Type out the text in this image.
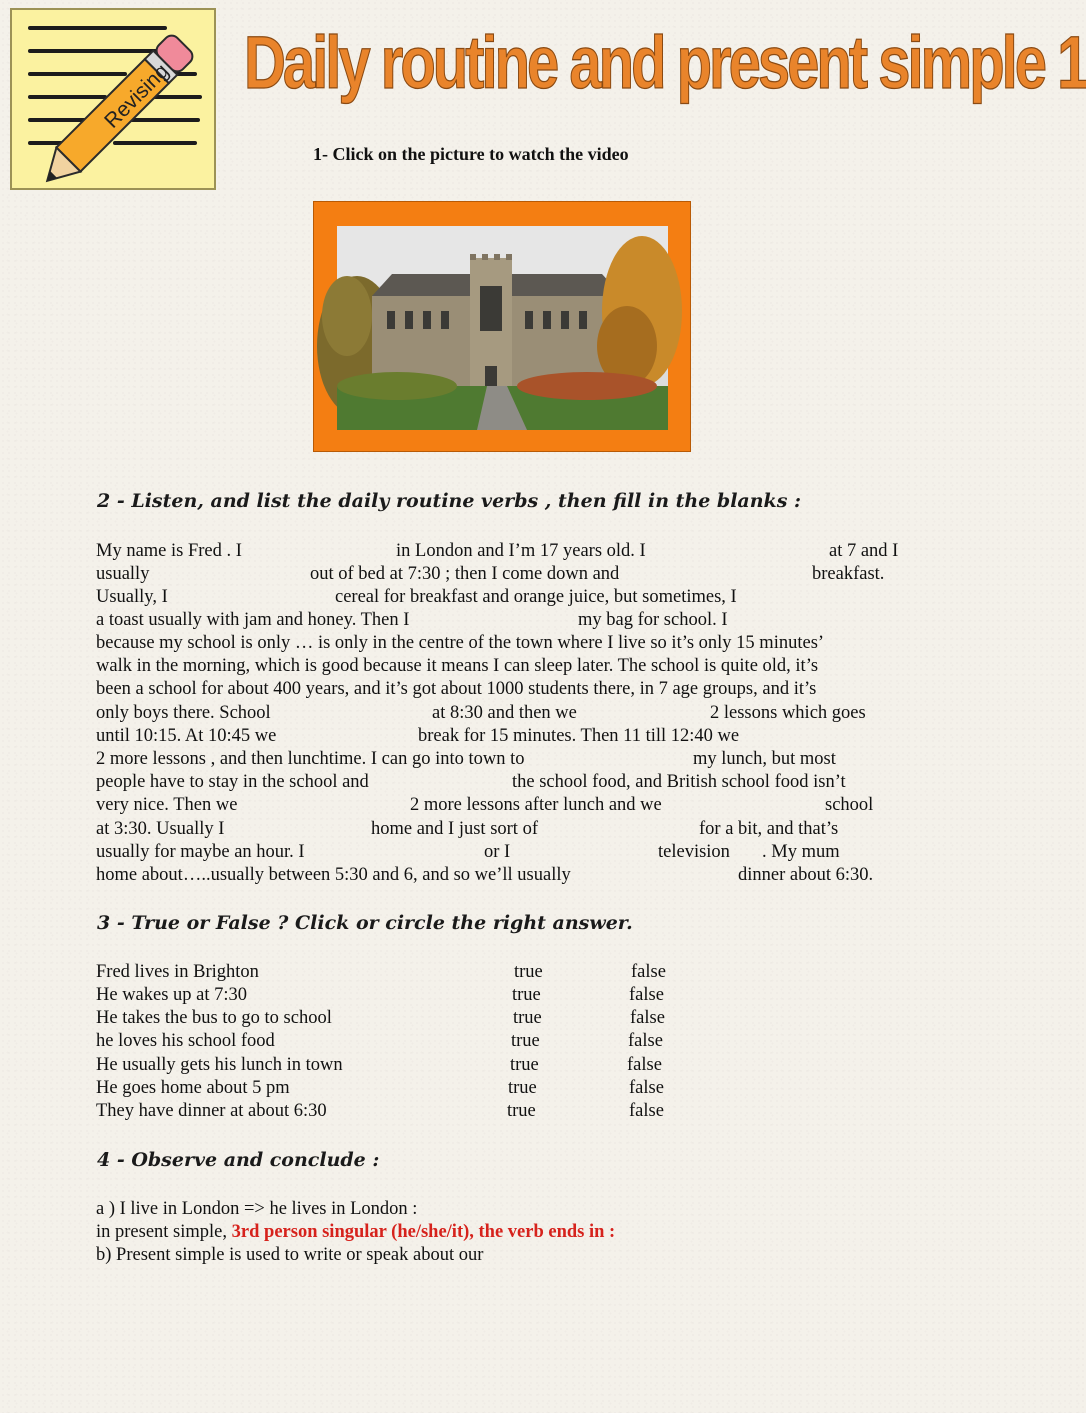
Revising Daily routine and present simple 1
1- Click on the picture to watch the video
2 - Listen, and list the daily routine verbs , then fill in the blanks :
My name is Fred . I	in London and I’m 17 years old. I	at 7 and I
usually	out of bed at 7:30 ; then I come down and	breakfast.
Usually, I	cereal for breakfast and orange juice, but sometimes, I
a toast usually with jam and honey. Then I	my bag for school. I
because my school is only … is only in the centre of the town where I live so it’s only 15 minutes’
walk in the morning, which is good because it means I can sleep later. The school is quite old, it’s
been a school for about 400 years, and it’s got about 1000 students there, in 7 age groups, and it’s
only boys there. School	at 8:30 and then we	2 lessons which goes
until 10:15. At 10:45 we	break for 15 minutes. Then 11 till 12:40 we
2 more lessons , and then lunchtime. I can go into town to	my lunch, but most
people have to stay in the school and	the school food, and British school food isn’t
very nice. Then we	2 more lessons after lunch and we	school
at 3:30. Usually I	home and I just sort of	for a bit, and that’s
usually for maybe an hour. I	or I	television . My mum
home about…..usually between 5:30 and 6, and so we’ll usually	dinner about 6:30.
3 - True or False ? Click or circle the right answer.
Fred lives in Brighton	true	false
He wakes up at 7:30	true	false
He takes the bus to go to school	true	false
he loves his school food	true	false
He usually gets his lunch in town	true	false
He goes home about 5 pm	true	false
They have dinner at about 6:30	true	false
4 - Observe and conclude :
a ) I live in London => he lives in London :
in present simple, 3rd person singular (he/she/it), the verb ends in :
b) Present simple is used to write or speak about our
